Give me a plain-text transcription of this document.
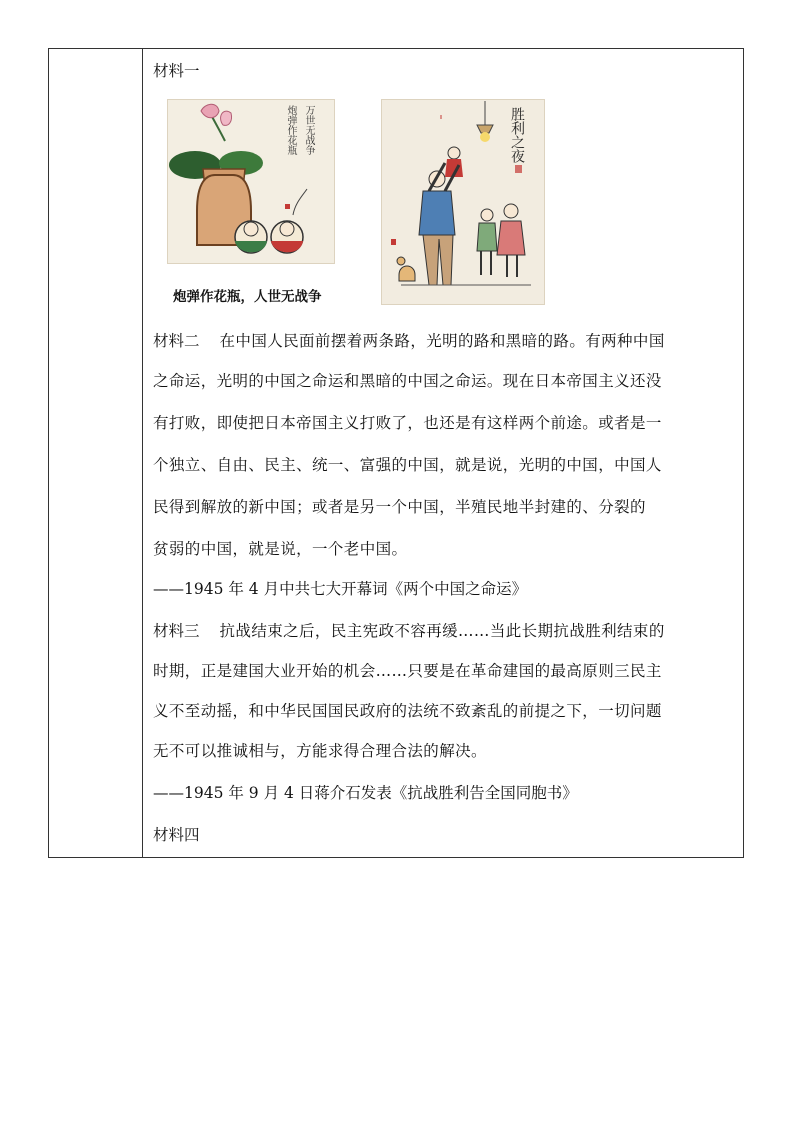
材料一
炮弹作花瓶 万世无战争
炮弹作花瓶，人世无战争
胜利之夜
材料二 在中国人民面前摆着两条路，光明的路和黑暗的路。有两种中国
之命运，光明的中国之命运和黑暗的中国之命运。现在日本帝国主义还没
有打败，即使把日本帝国主义打败了，也还是有这样两个前途。或者是一
个独立、自由、民主、统一、富强的中国，就是说，光明的中国，中国人
民得到解放的新中国；或者是另一个中国，半殖民地半封建的、分裂的
贫弱的中国，就是说，一个老中国。
——1945 年 4 月中共七大开幕词《两个中国之命运》
材料三 抗战结束之后，民主宪政不容再缓……当此长期抗战胜利结束的
时期，正是建国大业开始的机会……只要是在革命建国的最高原则三民主
义不至动摇，和中华民国国民政府的法统不致紊乱的前提之下，一切问题
无不可以推诚相与，方能求得合理合法的解决。
——1945 年 9 月 4 日蒋介石发表《抗战胜利告全国同胞书》
材料四
